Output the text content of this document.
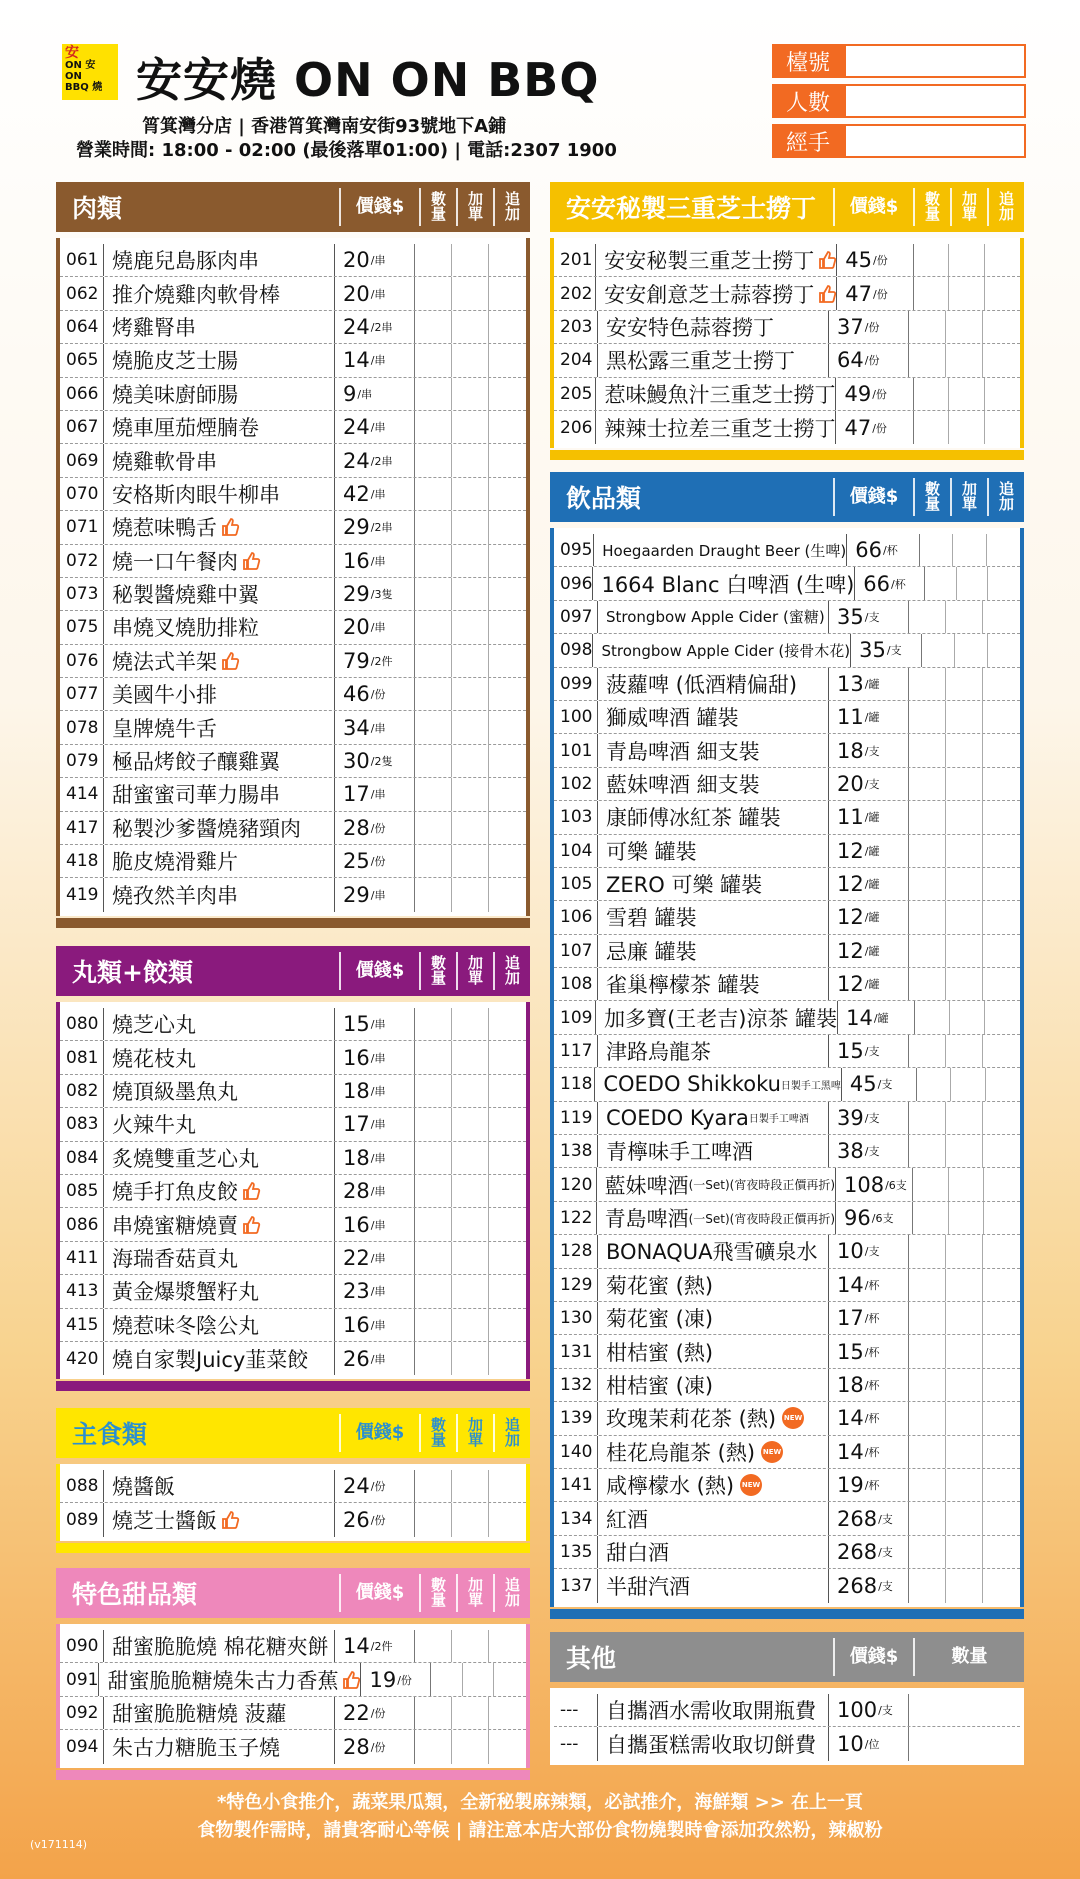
安
ON 安
ON
BBQ 燒 安安燒 ON ON BBQ
筲箕灣分店 | 香港筲箕灣南安街93號地下A鋪
營業時間: 18:00 - 02:00 (最後落單01:00) | 電話:2307 1900
檯號
人數
經手
肉類	價錢$	數量
加單
追加
061 燒鹿兒島豚肉串	20 /串
062 推介燒雞肉軟骨棒	20 /串
064 烤雞腎串	24 /2串
065 燒脆皮芝士腸	14 /串
066 燒美味廚師腸	9 /串
067 燒車厘茄煙腩卷	24 /串
069 燒雞軟骨串	24 /2串
070 安格斯肉眼牛柳串	42 /串
071 燒惹味鴨舌	29 /2串
072 燒一口午餐肉	16 /串
073 秘製醬燒雞中翼	29 /3隻
075 串燒叉燒肋排粒	20 /串
076 燒法式羊架	79 /2件
077 美國牛小排	46 /份
078 皇牌燒牛舌	34 /串
079 極品烤餃子釀雞翼	30 /2隻
414 甜蜜蜜司華力腸串	17 /串
417 秘製沙爹醬燒豬頸肉 28 /份
418 脆皮燒滑雞片	25 /份
419 燒孜然羊肉串	29 /串
丸類+餃類	價錢$	數量
加單
追加
080 燒芝心丸	15 /串
081 燒花枝丸	16 /串
082 燒頂級墨魚丸	18 /串
083 火辣牛丸	17 /串
084 炙燒雙重芝心丸	18 /串
085 燒手打魚皮餃	28 /串
086 串燒蜜糖燒賣	16 /串
411 海瑞香菇貢丸	22 /串
413 黃金爆漿蟹籽丸	23 /串
415 燒惹味冬陰公丸	16 /串
420 燒自家製Juicy韮菜餃 26 /串
主食類	價錢$	數量
加單
追加
088 燒醬飯	24 /份
089 燒芝士醬飯	26 /份
特色甜品類	價錢$	數量
加單
追加
090 甜蜜脆脆燒 棉花糖夾餅 14 /2件
091 甜蜜脆脆糖燒朱古力香蕉 19 /份
092 甜蜜脆脆糖燒 菠蘿	22 /份
094 朱古力糖脆玉子燒	28 /份
安安秘製三重芝士撈丁	價錢$	數量
加單
追加
201 安安秘製三重芝士撈丁 45 /份
202 安安創意芝士蒜蓉撈丁 47 /份
203 安安特色蒜蓉撈丁	37 /份
204 黑松露三重芝士撈丁 64 /份
205 惹味鰻魚汁三重芝士撈丁 49 /份
206 辣辣士拉差三重芝士撈丁 47 /份
飲品類	價錢$	數量
加單
追加
095 Hoegaarden Draught Beer (生啤) 66 /杯
096 1664 Blanc 白啤酒 (生啤) 66 /杯
097 Strongbow Apple Cider (蜜糖) 35 /支
098 Strongbow Apple Cider (接骨木花) 35 /支
099 菠蘿啤 (低酒精偏甜) 13 /罐
100 獅威啤酒 罐裝	11 /罐
101 青島啤酒 細支裝	18 /支
102 藍妹啤酒 細支裝	20 /支
103 康師傅冰紅茶 罐裝	11 /罐
104 可樂 罐裝	12 /罐
105 ZERO 可樂 罐裝	12 /罐
106 雪碧 罐裝	12 /罐
107 忌廉 罐裝	12 /罐
108 雀巢檸檬茶 罐裝	12 /罐
109 加多寶(王老吉)涼茶 罐裝 14 /罐
117 津路烏龍茶	15 /支
118 COEDO Shikkoku 日製手工黑啤 45 /支
119 COEDO Kyara 日製手工啤酒 39 /支
138 青檸味手工啤酒	38 /支
120 藍妹啤酒 (一Set)(宵夜時段正價再折) 108 /6支
122 青島啤酒 (一Set)(宵夜時段正價再折) 96 /6支
128 BONAQUA飛雪礦泉水 10 /支
129 菊花蜜 (熱)	14 /杯
130 菊花蜜 (凍)	17 /杯
131 柑桔蜜 (熱)	15 /杯
132 柑桔蜜 (凍)	18 /杯
139 玫瑰茉莉花茶 (熱) NEW 14 /杯
140 桂花烏龍茶 (熱) NEW	14 /杯
141 咸檸檬水 (熱) NEW	19 /杯
134 紅酒	268 /支
135 甜白酒	268 /支
137 半甜汽酒	268 /支
其他	價錢$	數量
---	自攜酒水需收取開瓶費 100 /支
---	自攜蛋糕需收取切餅費 10 /位
*特色小食推介，蔬菜果瓜類，全新秘製麻辣類，必試推介，海鮮類 >> 在上一頁
食物製作需時，請貴客耐心等候 | 請注意本店大部份食物燒製時會添加孜然粉，辣椒粉
(v171114)
